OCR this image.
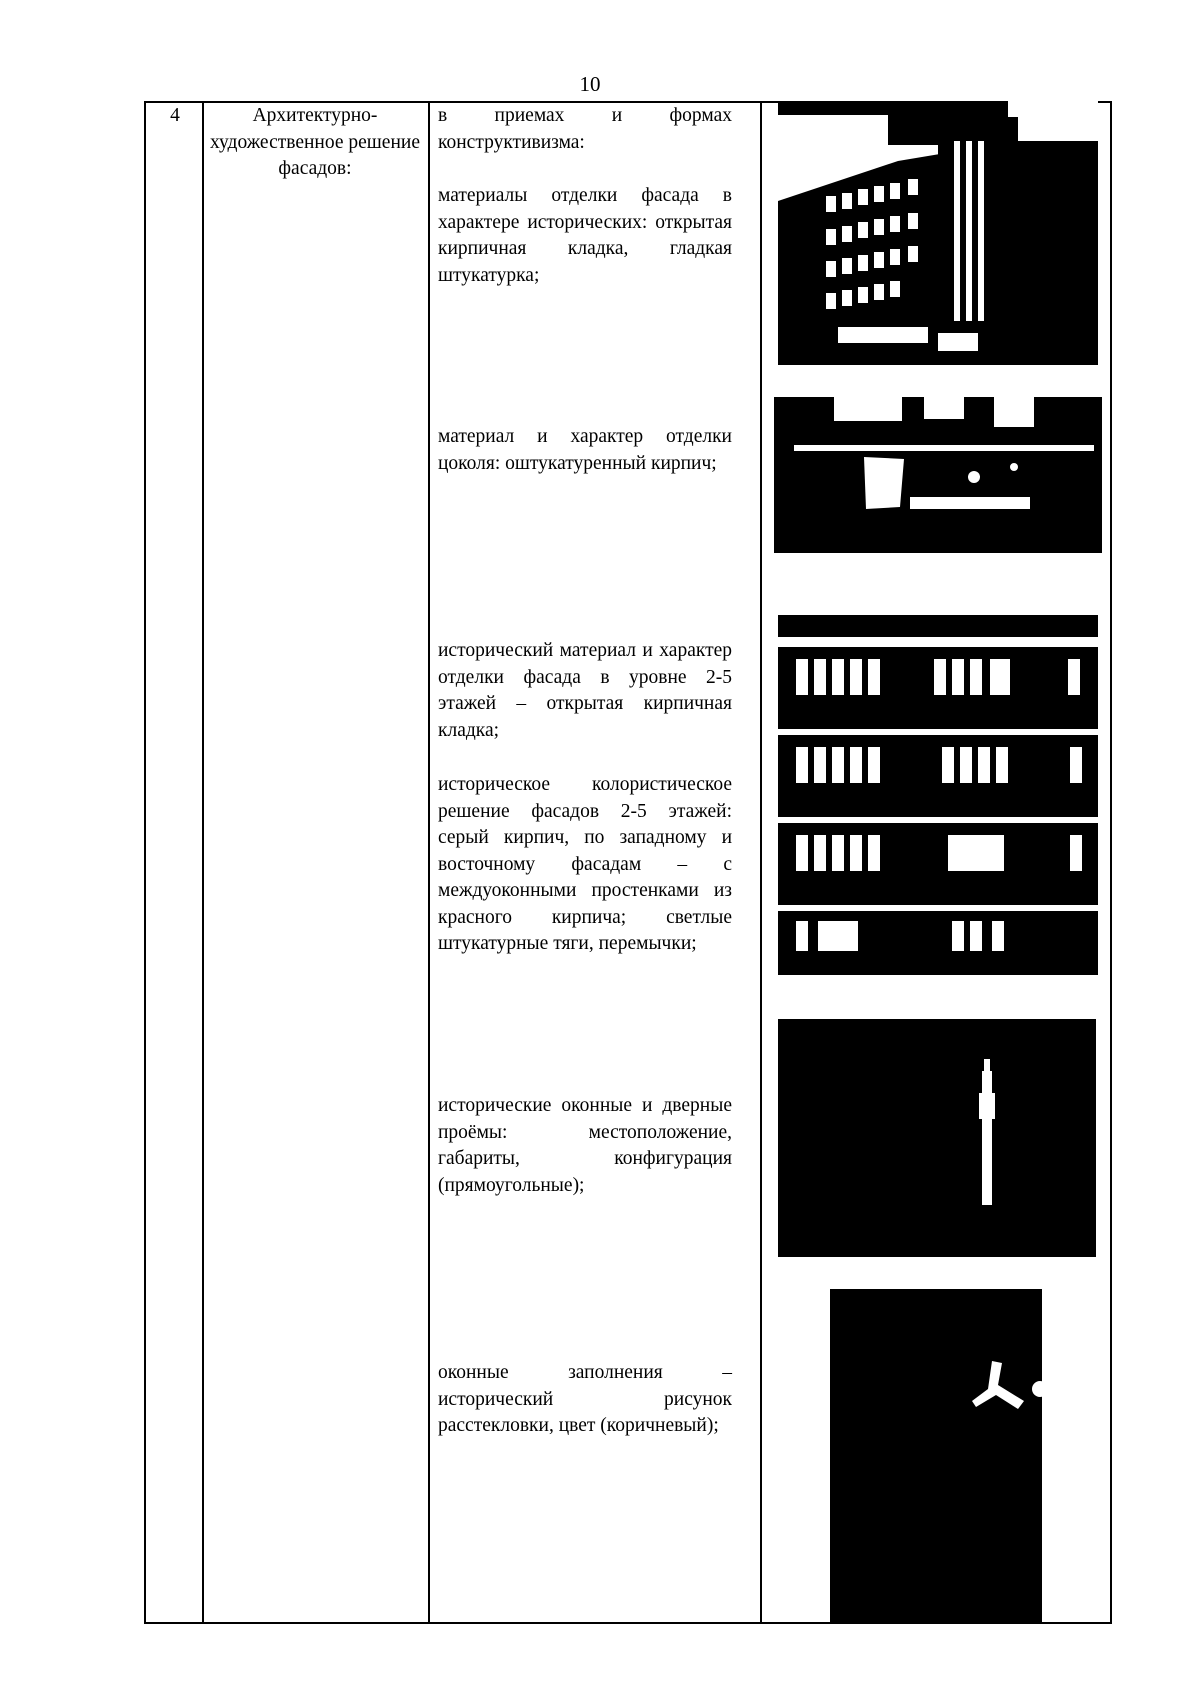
10
4	Архитектурно-художественное решение фасадов:

в приемах и формах конструктивизма:

материалы отделки фасада в характере исторических: открытая кирпичная кладка, гладкая штукатурка;

материал и характер отделки цоколя: оштукатуренный кирпич;

исторический материал и характер отделки фасада в уровне 2-5 этажей – открытая кирпичная кладка;

историческое колористическое решение фасадов 2-5 этажей: серый кирпич, по западному и восточному фасадам – с междуоконными простенками из красного кирпича; светлые штукатурные тяги, перемычки;

исторические оконные и дверные проёмы: местоположение, габариты, конфигурация (прямоугольные);

оконные заполнения – исторический рисунок расстекловки, цвет (коричневый);
